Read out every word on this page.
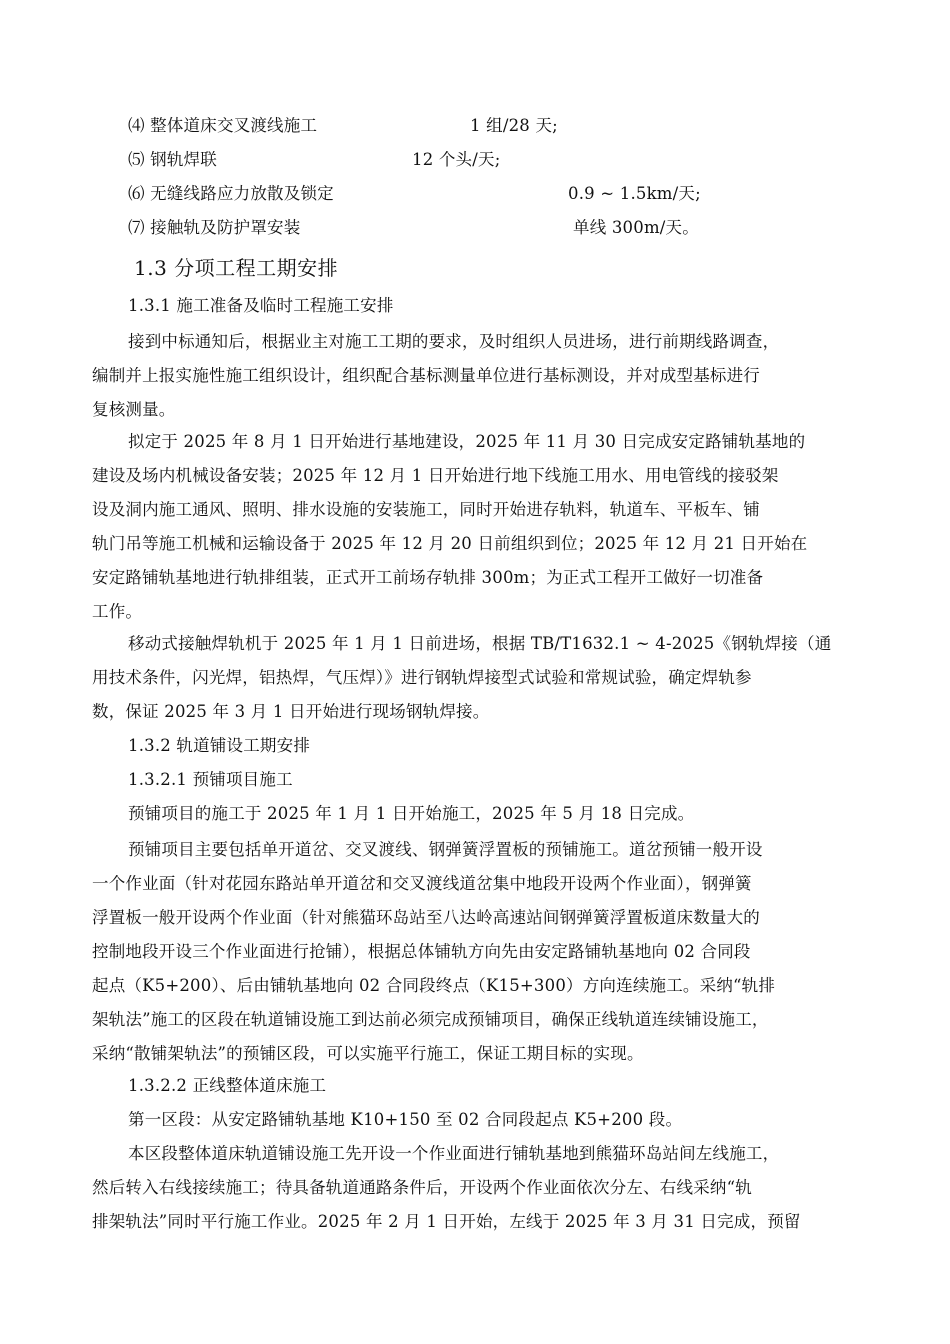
⑷ 整体道床交叉渡线施工	1 组/28 天;
⑸ 钢轨焊联	12 个头/天;
⑹ 无缝线路应力放散及锁定	0.9 ~ 1.5km/天;
⑺ 接触轨及防护罩安装	单线 300m/天。
1.3 分项工程工期安排
1.3.1 施工准备及临时工程施工安排
接到中标通知后，根据业主对施工工期的要求，及时组织人员进场，进行前期线路调查，
编制并上报实施性施工组织设计，组织配合基标测量单位进行基标测设，并对成型基标进行
复核测量。
拟定于 2025 年 8 月 1 日开始进行基地建设，2025 年 11 月 30 日完成安定路铺轨基地的
建设及场内机械设备安装；2025 年 12 月 1 日开始进行地下线施工用水、用电管线的接驳架
设及洞内施工通风、照明、排水设施的安装施工，同时开始进存轨料，轨道车、平板车、铺
轨门吊等施工机械和运输设备于 2025 年 12 月 20 日前组织到位；2025 年 12 月 21 日开始在
安定路铺轨基地进行轨排组装，正式开工前场存轨排 300m；为正式工程开工做好一切准备
工作。
移动式接触焊轨机于 2025 年 1 月 1 日前进场，根据 TB/T1632.1 ~ 4-2025《钢轨焊接（通
用技术条件，闪光焊，铝热焊，气压焊）》进行钢轨焊接型式试验和常规试验，确定焊轨参
数，保证 2025 年 3 月 1 日开始进行现场钢轨焊接。
1.3.2 轨道铺设工期安排
1.3.2.1 预铺项目施工
预铺项目的施工于 2025 年 1 月 1 日开始施工，2025 年 5 月 18 日完成。
预铺项目主要包括单开道岔、交叉渡线、钢弹簧浮置板的预铺施工。道岔预铺一般开设
一个作业面（针对花园东路站单开道岔和交叉渡线道岔集中地段开设两个作业面），钢弹簧
浮置板一般开设两个作业面（针对熊猫环岛站至八达岭高速站间钢弹簧浮置板道床数量大的
控制地段开设三个作业面进行抢铺），根据总体铺轨方向先由安定路铺轨基地向 02 合同段
起点（K5+200）、后由铺轨基地向 02 合同段终点（K15+300）方向连续施工。采纳“轨排
架轨法”施工的区段在轨道铺设施工到达前必须完成预铺项目，确保正线轨道连续铺设施工，
采纳“散铺架轨法”的预铺区段，可以实施平行施工，保证工期目标的实现。
1.3.2.2 正线整体道床施工
第一区段：从安定路铺轨基地 K10+150 至 02 合同段起点 K5+200 段。
本区段整体道床轨道铺设施工先开设一个作业面进行铺轨基地到熊猫环岛站间左线施工，
然后转入右线接续施工；待具备轨道通路条件后，开设两个作业面依次分左、右线采纳“轨
排架轨法”同时平行施工作业。2025 年 2 月 1 日开始，左线于 2025 年 3 月 31 日完成，预留
